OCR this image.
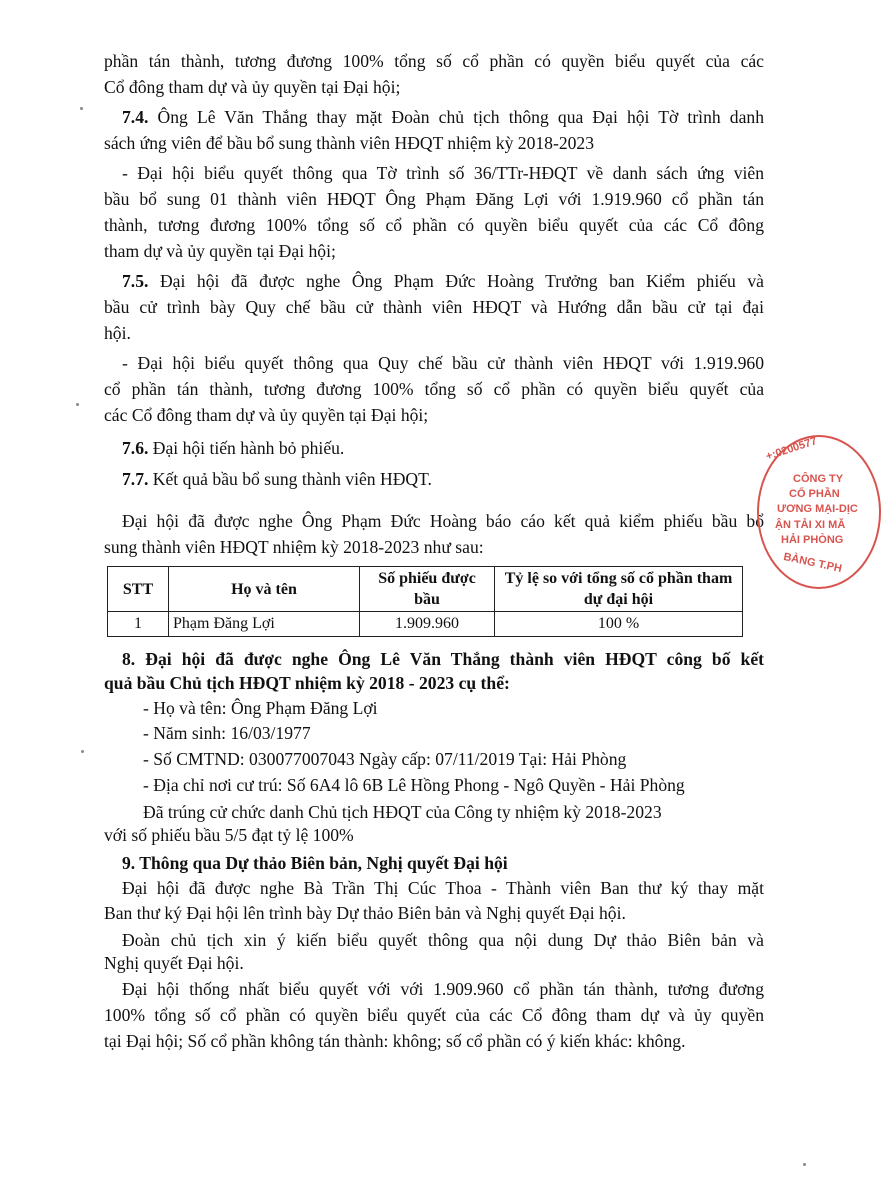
phần tán thành, tương đương 100% tổng số cổ phần có quyền biểu quyết của các
Cổ đông tham dự và ủy quyền tại Đại hội;
7.4. Ông Lê Văn Thắng thay mặt Đoàn chủ tịch thông qua Đại hội Tờ trình danh
sách ứng viên để bầu bổ sung thành viên HĐQT nhiệm kỳ 2018-2023
- Đại hội biểu quyết thông qua Tờ trình số 36/TTr-HĐQT về danh sách ứng viên
bầu bổ sung 01 thành viên HĐQT Ông Phạm Đăng Lợi với 1.919.960 cổ phần tán
thành, tương đương 100% tổng số cổ phần có quyền biểu quyết của các Cổ đông
tham dự và ủy quyền tại Đại hội;
7.5. Đại hội đã được nghe Ông Phạm Đức Hoàng Trưởng ban Kiểm phiếu và
bầu cử trình bày Quy chế bầu cử thành viên HĐQT và Hướng dẫn bầu cử tại đại
hội.
- Đại hội biểu quyết thông qua Quy chế bầu cử thành viên HĐQT với 1.919.960
cổ phần tán thành, tương đương 100% tổng số cổ phần có quyền biểu quyết của
các Cổ đông tham dự và ủy quyền tại Đại hội;
7.6. Đại hội tiến hành bỏ phiếu.
7.7. Kết quả bầu bổ sung thành viên HĐQT.
Đại hội đã được nghe Ông Phạm Đức Hoàng báo cáo kết quả kiểm phiếu bầu bổ
sung thành viên HĐQT nhiệm kỳ 2018-2023 như sau:
STT	Họ và tên	Số phiếu được bầu	Tỷ lệ so với tổng số cổ phần tham dự đại hội
1	Phạm Đăng Lợi	1.909.960	100 %
8. Đại hội đã được nghe Ông Lê Văn Thắng thành viên HĐQT công bố kết
quả bầu Chủ tịch HĐQT nhiệm kỳ 2018 - 2023 cụ thể:
- Họ và tên: Ông Phạm Đăng Lợi
- Năm sinh: 16/03/1977
- Số CMTND: 030077007043 Ngày cấp: 07/11/2019 Tại: Hải Phòng
- Địa chỉ nơi cư trú: Số 6A4 lô 6B Lê Hồng Phong - Ngô Quyền - Hải Phòng
Đã trúng cử chức danh Chủ tịch HĐQT của Công ty nhiệm kỳ 2018-2023
với số phiếu bầu 5/5 đạt tỷ lệ 100%
9. Thông qua Dự thảo Biên bản, Nghị quyết Đại hội
Đại hội đã được nghe Bà Trần Thị Cúc Thoa - Thành viên Ban thư ký thay mặt
Ban thư ký Đại hội lên trình bày Dự thảo Biên bản và Nghị quyết Đại hội.
Đoàn chủ tịch xin ý kiến biểu quyết thông qua nội dung Dự thảo Biên bản và
Nghị quyết Đại hội.
Đại hội thống nhất biểu quyết với với 1.909.960 cổ phần tán thành, tương đương
100% tổng số cổ phần có quyền biểu quyết của các Cổ đông tham dự và ủy quyền
tại Đại hội; Số cổ phần không tán thành: không; số cổ phần có ý kiến khác: không.
+:0200577
CÔNG TY
CỔ PHẦN
ƯƠNG MẠI-DỊC
ẬN TẢI XI MĂ
HẢI PHÒNG
BÀNG T.PH
